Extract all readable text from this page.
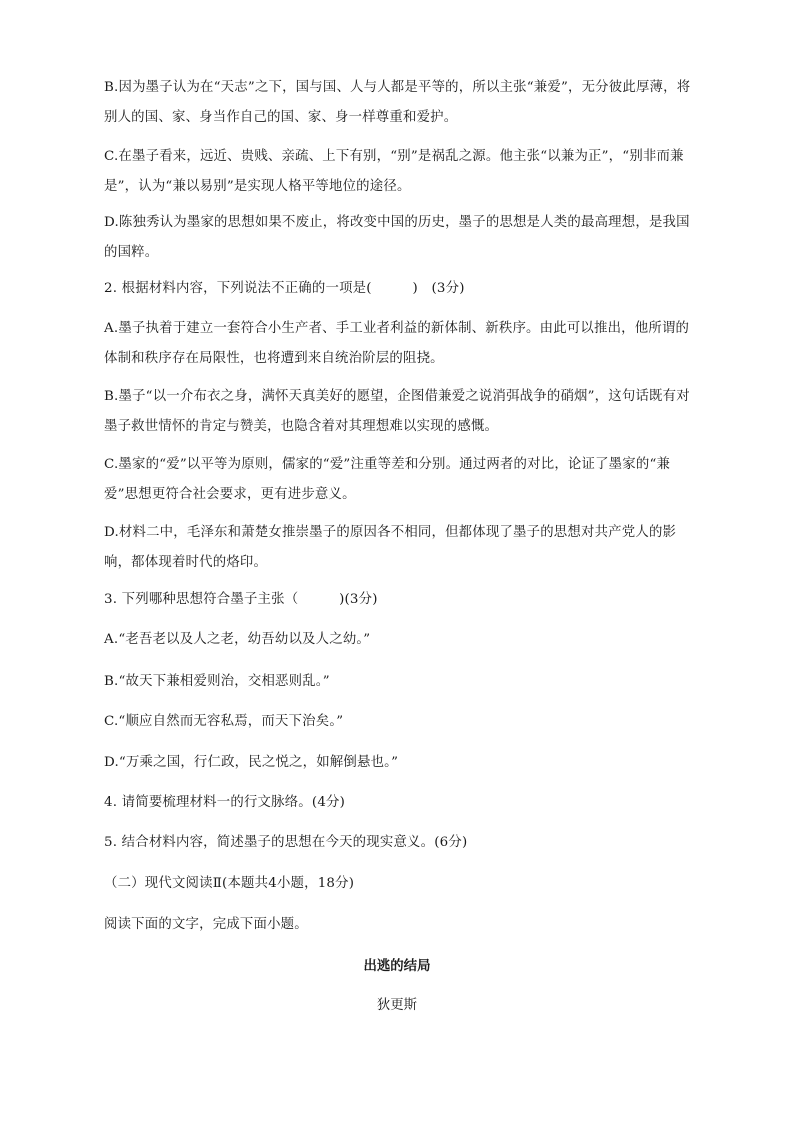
B.因为墨子认为在“天志”之下，国与国、人与人都是平等的，所以主张“兼爱”，无分彼此厚薄，将别人的国、家、身当作自己的国、家、身一样尊重和爱护。

C.在墨子看来，远近、贵贱、亲疏、上下有别，“别”是祸乱之源。他主张“以兼为正”，“别非而兼是”，认为“兼以易别”是实现人格平等地位的途径。

D.陈独秀认为墨家的思想如果不废止，将改变中国的历史，墨子的思想是人类的最高理想，是我国的国粹。

2. 根据材料内容，下列说法不正确的一项是(　　　)　(3分)

A.墨子执着于建立一套符合小生产者、手工业者利益的新体制、新秩序。由此可以推出，他所谓的体制和秩序存在局限性，也将遭到来自统治阶层的阻挠。

B.墨子“以一介布衣之身，满怀天真美好的愿望，企图借兼爱之说消弭战争的硝烟”，这句话既有对墨子救世情怀的肯定与赞美，也隐含着对其理想难以实现的感慨。

C.墨家的“爱”以平等为原则，儒家的“爱”注重等差和分别。通过两者的对比，论证了墨家的“兼爱”思想更符合社会要求，更有进步意义。

D.材料二中，毛泽东和萧楚女推崇墨子的原因各不相同，但都体现了墨子的思想对共产党人的影响，都体现着时代的烙印。

3. 下列哪种思想符合墨子主张（　　　)(3分)

A.“老吾老以及人之老，幼吾幼以及人之幼。”

B.“故天下兼相爱则治，交相恶则乱。”

C.“顺应自然而无容私焉，而天下治矣。”

D.“万乘之国，行仁政，民之悦之，如解倒悬也。”

4. 请简要梳理材料一的行文脉络。(4分)

5. 结合材料内容，简述墨子的思想在今天的现实意义。(6分)

（二）现代文阅读Ⅱ(本题共4小题，18分)

阅读下面的文字，完成下面小题。

出逃的结局

狄更斯
